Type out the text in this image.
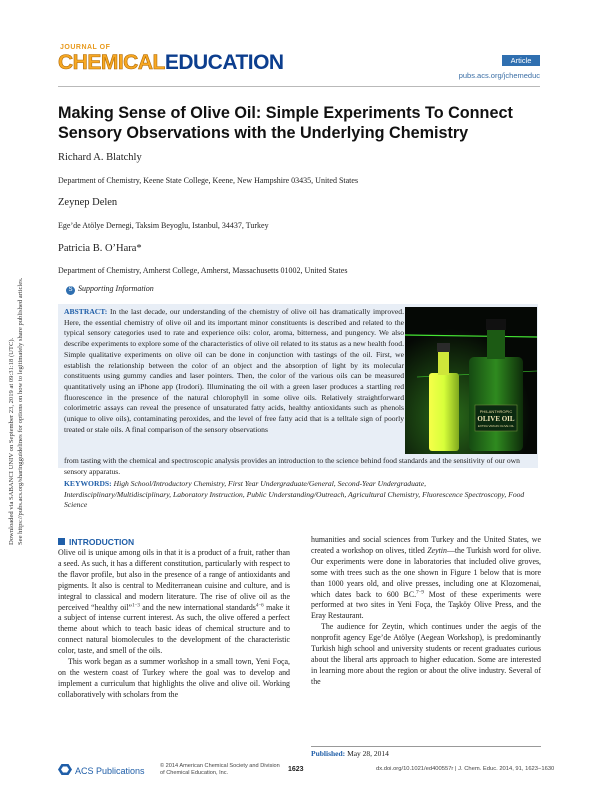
JOURNAL OF
CHEMICALEDUCATION	Article
pubs.acs.org/jchemeduc
Making Sense of Olive Oil: Simple Experiments To Connect Sensory Observations with the Underlying Chemistry
Richard A. Blatchly
Department of Chemistry, Keene State College, Keene, New Hampshire 03435, United States
Zeynep Delen
Ege’de Atölye Dernegi, Taksim Beyoglu, Istanbul, 34437, Turkey
Patricia B. O’Hara*
Department of Chemistry, Amherst College, Amherst, Massachusetts 01002, United States
S Supporting Information
ABSTRACT: In the last decade, our understanding of the chemistry of olive oil has dramatically improved. Here, the essential chemistry of olive oil and its important minor constituents is described and related to the typical sensory categories used to rate and experience oils: color, aroma, bitterness, and pungency. We also describe experiments to explore some of the characteristics of olive oil related to its status as a new health food. Simple qualitative experiments on olive oil can be done in conjunction with tastings of the oil. First, we establish the relationship between the color of an object and the absorption of light by its molecular constituents using gummy candies and laser pointers. Then, the color of the various oils can be measured quantitatively using an iPhone app (Irodori). Illuminating the oil with a green laser produces a startling red fluorescence in the presence of the natural chlorophyll in some olive oils. Relatively straightforward colorimetric assays can reveal the presence of unsaturated fatty acids, healthy antioxidants such as phenols (unique to olive oils), contaminating peroxides, and the level of free fatty acid that is a telltale sign of poorly treated or stale oils. A final comparison of the sensory observations
from tasting with the chemical and spectroscopic analysis provides an introduction to the science behind food standards and the sensitivity of our own sensory apparatus.
PHILANTHROPIC
OLIVE OIL
EXTRA VIRGIN OLIVE OIL
KEYWORDS: High School/Introductory Chemistry, First Year Undergraduate/General, Second-Year Undergraduate, Interdisciplinary/Multidisciplinary, Laboratory Instruction, Public Understanding/Outreach, Agricultural Chemistry, Fluorescence Spectroscopy, Food Science
Downloaded via SABANCI UNIV on September 23, 2019 at 09:31:18 (UTC). See https://pubs.acs.org/sharingguidelines for options on how to legitimately share published articles.	INTRODUCTION
Olive oil is unique among oils in that it is a product of a fruit, rather than a seed. As such, it has a different constitution, particularly with respect to the flavor profile, but also in the presence of a range of antioxidants and pigments. It also is central to Mediterranean cuisine and culture, and is integral to classical and modern literature. The rise of olive oil as the perceived “healthy oil”$^{1-3}$ and the new international standards$^{4-6}$ make it a subject of intense current interest. As such, the olive offered a perfect theme about which to teach basic ideas of chemical structure and to connect natural biomolecules to the development of the characteristic color, taste, and smell of the oils.
This work began as a summer workshop in a small town, Yeni Foça, on the western coast of Turkey where the goal was to develop and implement a curriculum that highlights the olive and olive oil. Working collaboratively with scholars from the
humanities and social sciences from Turkey and the United States, we created a workshop on olives, titled Zeytin—the Turkish word for olive. Our experiments were done in laboratories that included olive groves, some with trees such as the one shown in Figure 1 below that is more than 1000 years old, and olive presses, including one at Klozomenai, which dates back to 600 BC.$^{7-9}$ Most of these experiments were performed at two sites in Yeni Foça, the Taşköy Olive Press, and the Eray Restaurant.
The audience for Zeytin, which continues under the aegis of the nonprofit agency Ege’de Atölye (Aegean Workshop), is predominantly Turkish high school and university students or recent graduates curious about the liberal arts approach to higher education. Some are interested in learning more about the region or about the olive industry. Several of the
Published: May 28, 2014
ACS Publications	© 2014 American Chemical Society and Division of Chemical Education, Inc.	1623	dx.doi.org/10.1021/ed400557r | J. Chem. Educ. 2014, 91, 1623−1630
